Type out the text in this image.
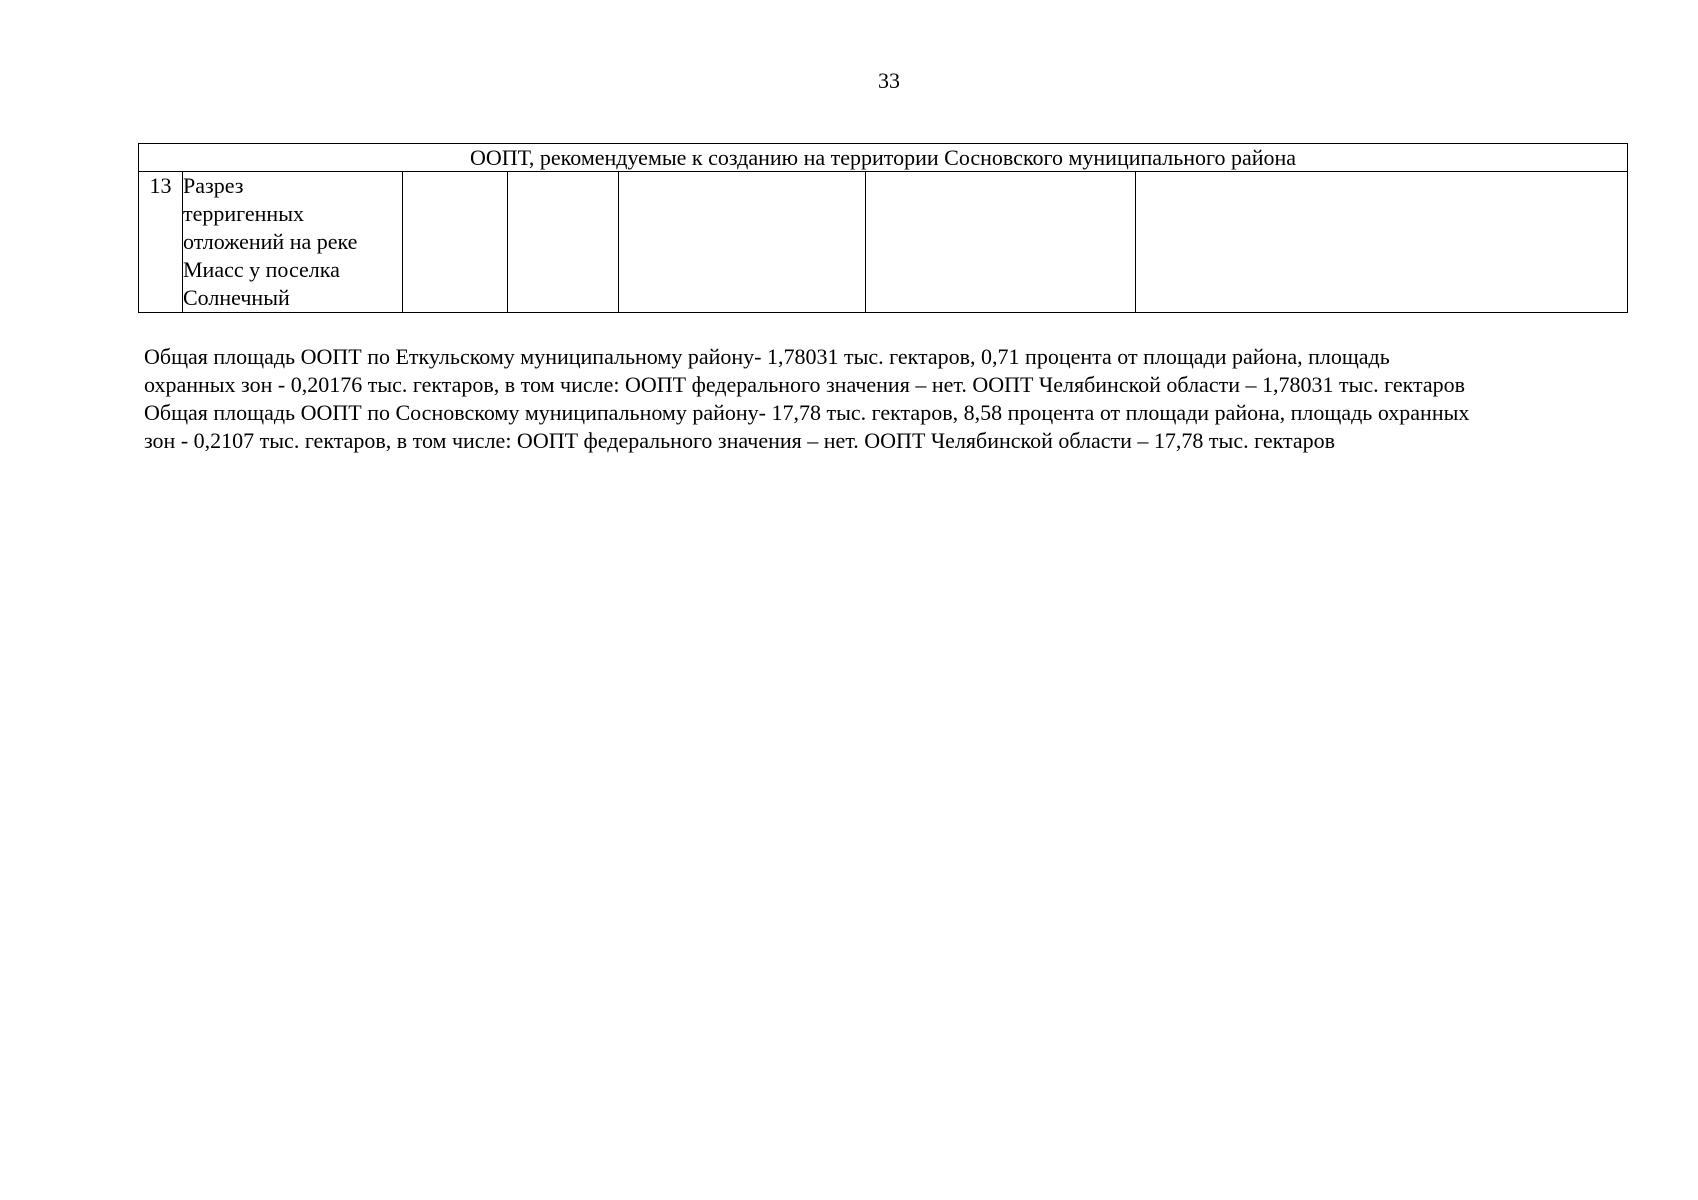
33
ООПТ, рекомендуемые к созданию на территории Сосновского муниципального района
13	Разрез
терригенных
отложений на реке
Миасс у поселка
Солнечный

Общая площадь ООПТ по Еткульскому муниципальному району- 1,78031 тыс. гектаров, 0,71 процента от площади района, площадь

охранных зон - 0,20176 тыс. гектаров, в том числе: ООПТ федерального значения – нет. ООПТ Челябинской области – 1,78031 тыс. гектаров

Общая площадь ООПТ по Сосновскому муниципальному району- 17,78 тыс. гектаров, 8,58 процента от площади района, площадь охранных

зон - 0,2107 тыс. гектаров, в том числе: ООПТ федерального значения – нет. ООПТ Челябинской области – 17,78 тыс. гектаров
